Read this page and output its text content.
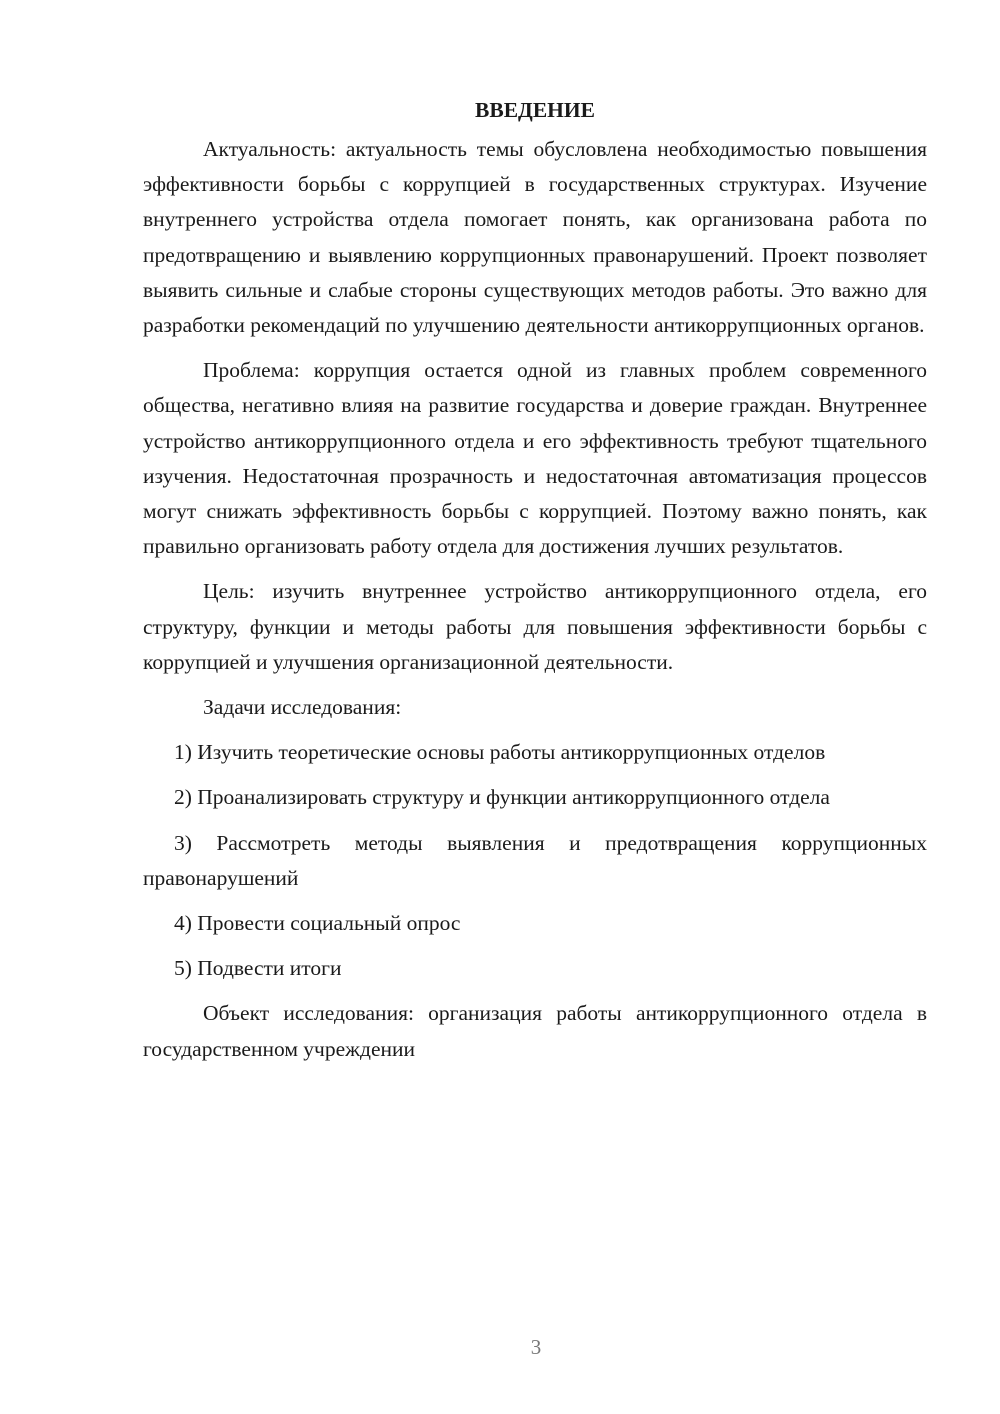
ВВЕДЕНИЕ

Актуальность: актуальность темы обусловлена необходимостью повышения эффективности борьбы с коррупцией в государственных структурах. Изучение внутреннего устройства отдела помогает понять, как организована работа по предотвращению и выявлению коррупционных правонарушений. Проект позволяет выявить сильные и слабые стороны существующих методов работы. Это важно для разработки рекомендаций по улучшению деятельности антикоррупционных органов.

Проблема: коррупция остается одной из главных проблем современного общества, негативно влияя на развитие государства и доверие граждан. Внутреннее устройство антикоррупционного отдела и его эффективность требуют тщательного изучения. Недостаточная прозрачность и недостаточная автоматизация процессов могут снижать эффективность борьбы с коррупцией. Поэтому важно понять, как правильно организовать работу отдела для достижения лучших результатов.

Цель: изучить внутреннее устройство антикоррупционного отдела, его структуру, функции и методы работы для повышения эффективности борьбы с коррупцией и улучшения организационной деятельности.

Задачи исследования:

1) Изучить теоретические основы работы антикоррупционных отделов

2) Проанализировать структуру и функции антикоррупционного отдела

3) Рассмотреть методы выявления и предотвращения коррупционных правонарушений

4) Провести социальный опрос

5) Подвести итоги

Объект исследования: организация работы антикоррупционного отдела в государственном учреждении

3
